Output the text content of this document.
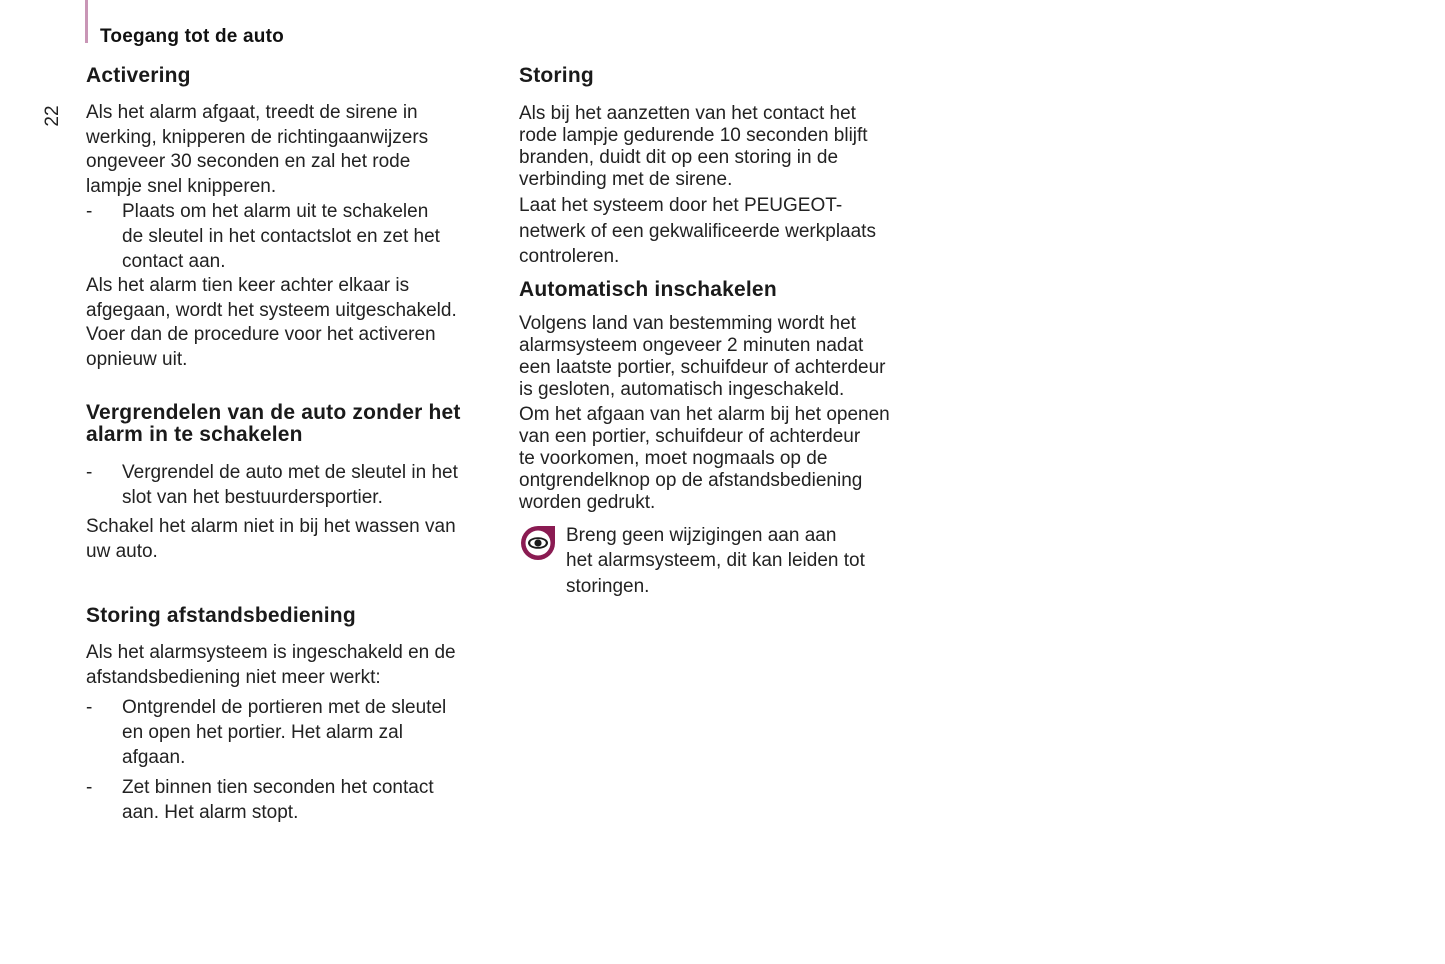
Toegang tot de auto
22
Activering

Als het alarm afgaat, treedt de sirene in
werking, knipperen de richtingaanwijzers
ongeveer 30 seconden en zal het rode
lampje snel knipperen.

- Plaats om het alarm uit te schakelen
de sleutel in het contactslot en zet het
contact aan.

Als het alarm tien keer achter elkaar is
afgegaan, wordt het systeem uitgeschakeld.
Voer dan de procedure voor het activeren
opnieuw uit.

Vergrendelen van de auto zonder het
alarm in te schakelen
- Vergrendel de auto met de sleutel in het
slot van het bestuurdersportier.

Schakel het alarm niet in bij het wassen van
uw auto.

Storing afstandsbediening

Als het alarmsysteem is ingeschakeld en de
afstandsbediening niet meer werkt:

- Ontgrendel de portieren met de sleutel
en open het portier. Het alarm zal
afgaan.
- Zet binnen tien seconden het contact
aan. Het alarm stopt.
Storing

Als bij het aanzetten van het contact het
rode lampje gedurende 10 seconden blijft
branden, duidt dit op een storing in de
verbinding met de sirene.

Laat het systeem door het PEUGEOT-
netwerk of een gekwalificeerde werkplaats
controleren.

Automatisch inschakelen

Volgens land van bestemming wordt het
alarmsysteem ongeveer 2 minuten nadat
een laatste portier, schuifdeur of achterdeur
is gesloten, automatisch ingeschakeld.

Om het afgaan van het alarm bij het openen
van een portier, schuifdeur of achterdeur
te voorkomen, moet nogmaals op de
ontgrendelknop op de afstandsbediening
worden gedrukt.

Breng geen wijzigingen aan aan
het alarmsysteem, dit kan leiden tot
storingen.
